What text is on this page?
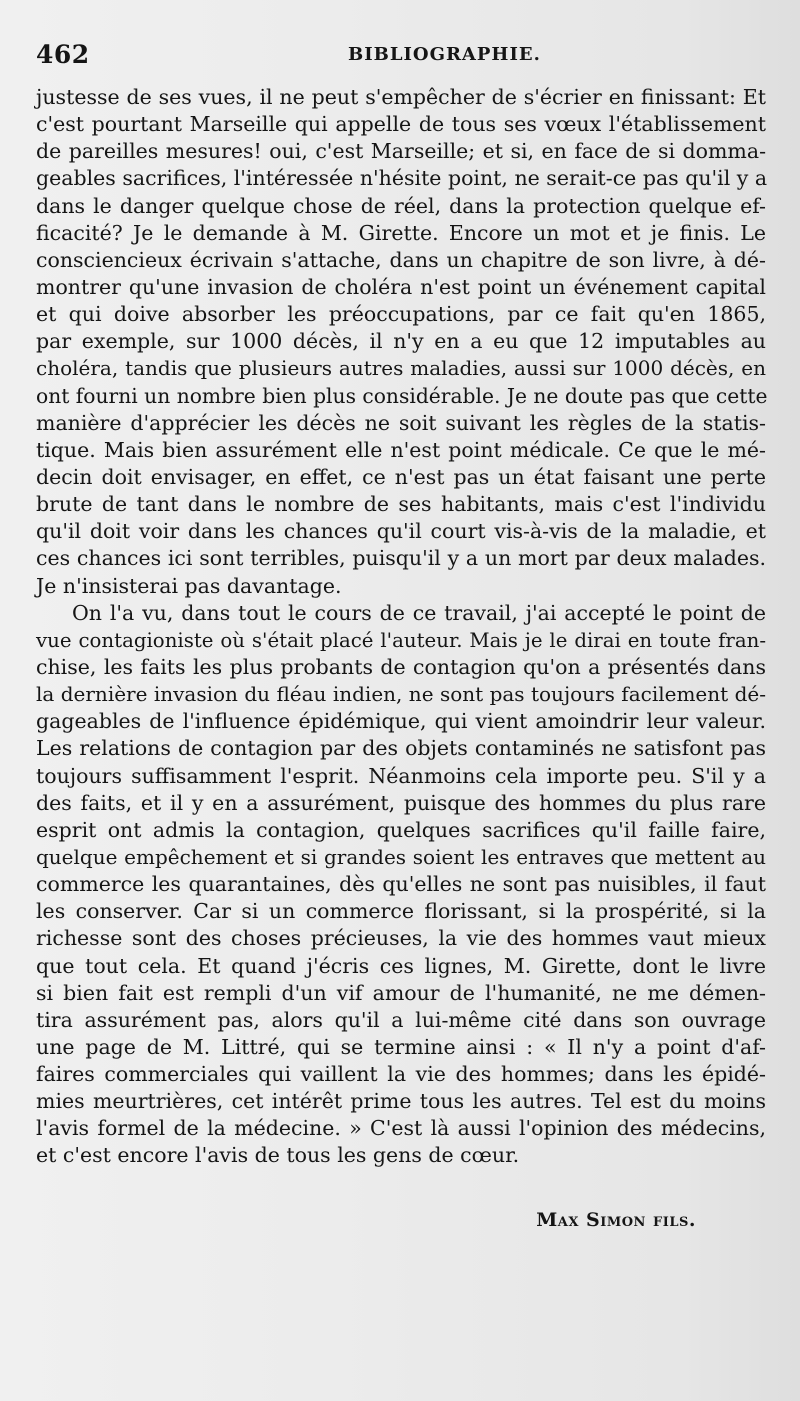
462	BIBLIOGRAPHIE.
justesse de ses vues, il ne peut s'empêcher de s'écrier en finissant: Et
c'est pourtant Marseille qui appelle de tous ses vœux l'établissement
de pareilles mesures! oui, c'est Marseille; et si, en face de si domma-
geables sacrifices, l'intéressée n'hésite point, ne serait-ce pas qu'il y a
dans le danger quelque chose de réel, dans la protection quelque ef-
ficacité? Je le demande à M. Girette. Encore un mot et je finis. Le
consciencieux écrivain s'attache, dans un chapitre de son livre, à dé-
montrer qu'une invasion de choléra n'est point un événement capital
et qui doive absorber les préoccupations, par ce fait qu'en 1865,
par exemple, sur 1000 décès, il n'y en a eu que 12 imputables au
choléra, tandis que plusieurs autres maladies, aussi sur 1000 décès, en
ont fourni un nombre bien plus considérable. Je ne doute pas que cette
manière d'apprécier les décès ne soit suivant les règles de la statis-
tique. Mais bien assurément elle n'est point médicale. Ce que le mé-
decin doit envisager, en effet, ce n'est pas un état faisant une perte
brute de tant dans le nombre de ses habitants, mais c'est l'individu
qu'il doit voir dans les chances qu'il court vis-à-vis de la maladie, et
ces chances ici sont terribles, puisqu'il y a un mort par deux malades.
Je n'insisterai pas davantage.
On l'a vu, dans tout le cours de ce travail, j'ai accepté le point de
vue contagioniste où s'était placé l'auteur. Mais je le dirai en toute fran-
chise, les faits les plus probants de contagion qu'on a présentés dans
la dernière invasion du fléau indien, ne sont pas toujours facilement dé-
gageables de l'influence épidémique, qui vient amoindrir leur valeur.
Les relations de contagion par des objets contaminés ne satisfont pas
toujours suffisamment l'esprit. Néanmoins cela importe peu. S'il y a
des faits, et il y en a assurément, puisque des hommes du plus rare
esprit ont admis la contagion, quelques sacrifices qu'il faille faire,
quelque empêchement et si grandes soient les entraves que mettent au
commerce les quarantaines, dès qu'elles ne sont pas nuisibles, il faut
les conserver. Car si un commerce florissant, si la prospérité, si la
richesse sont des choses précieuses, la vie des hommes vaut mieux
que tout cela. Et quand j'écris ces lignes, M. Girette, dont le livre
si bien fait est rempli d'un vif amour de l'humanité, ne me démen-
tira assurément pas, alors qu'il a lui-même cité dans son ouvrage
une page de M. Littré, qui se termine ainsi : « Il n'y a point d'af-
faires commerciales qui vaillent la vie des hommes; dans les épidé-
mies meurtrières, cet intérêt prime tous les autres. Tel est du moins
l'avis formel de la médecine. » C'est là aussi l'opinion des médecins,
et c'est encore l'avis de tous les gens de cœur.
Max Simon fils.
